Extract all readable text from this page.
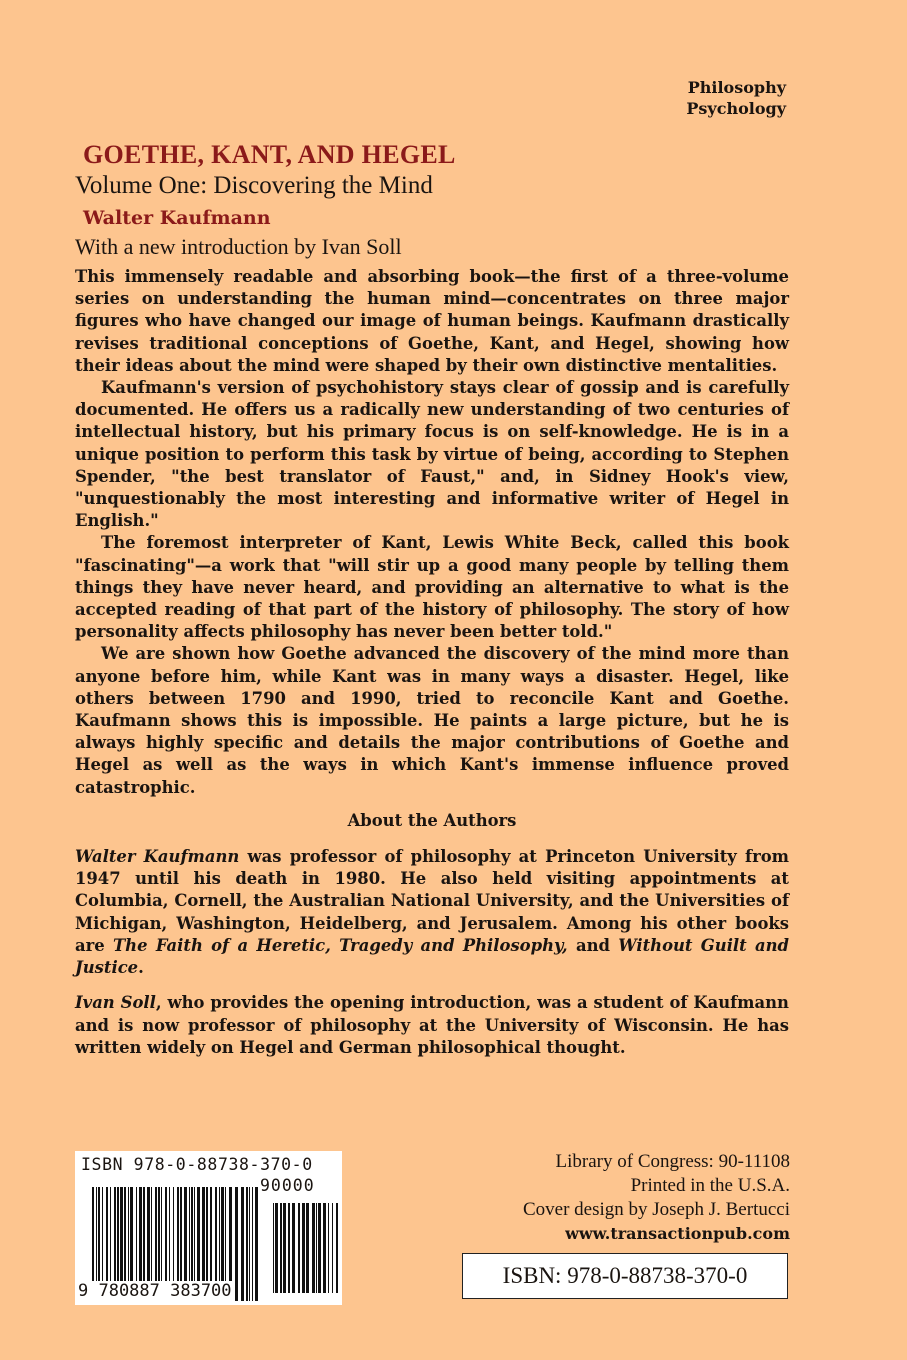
Philosophy
Psychology
GOETHE, KANT, AND HEGEL
Volume One: Discovering the Mind
Walter Kaufmann
With a new introduction by Ivan Soll

This immensely readable and absorbing book—the first of a three-volume series on understanding the human mind—concentrates on three major figures who have changed our image of human beings. Kaufmann drastically revises traditional conceptions of Goethe, Kant, and Hegel, showing how their ideas about the mind were shaped by their own distinctive mentalities.

Kaufmann's version of psychohistory stays clear of gossip and is carefully documented. He offers us a radically new understanding of two centuries of intellectual history, but his primary focus is on self-knowledge. He is in a unique position to perform this task by virtue of being, according to Stephen Spender, "the best translator of Faust," and, in Sidney Hook's view, "unquestionably the most interesting and informative writer of Hegel in English."

The foremost interpreter of Kant, Lewis White Beck, called this book "fascinating"—a work that "will stir up a good many people by telling them things they have never heard, and providing an alternative to what is the accepted reading of that part of the history of philosophy. The story of how personality affects philosophy has never been better told."

We are shown how Goethe advanced the discovery of the mind more than anyone before him, while Kant was in many ways a disaster. Hegel, like others between 1790 and 1990, tried to reconcile Kant and Goethe. Kaufmann shows this is impossible. He paints a large picture, but he is always highly specific and details the major contributions of Goethe and Hegel as well as the ways in which Kant's immense influence proved catastrophic.

About the Authors

Walter Kaufmann was professor of philosophy at Princeton University from 1947 until his death in 1980. He also held visiting appointments at Columbia, Cornell, the Australian National University, and the Universities of Michigan, Washington, Heidelberg, and Jerusalem. Among his other books are The Faith of a Heretic, Tragedy and Philosophy, and Without Guilt and Justice.

Ivan Soll, who provides the opening introduction, was a student of Kaufmann and is now professor of philosophy at the University of Wisconsin. He has written widely on Hegel and German philosophical thought.

ISBN 978-0-88738-370-0
90000
9 780887 383700
Library of Congress: 90-11108
Printed in the U.S.A.
Cover design by Joseph J. Bertucci
www.transactionpub.com
ISBN: 978-0-88738-370-0
